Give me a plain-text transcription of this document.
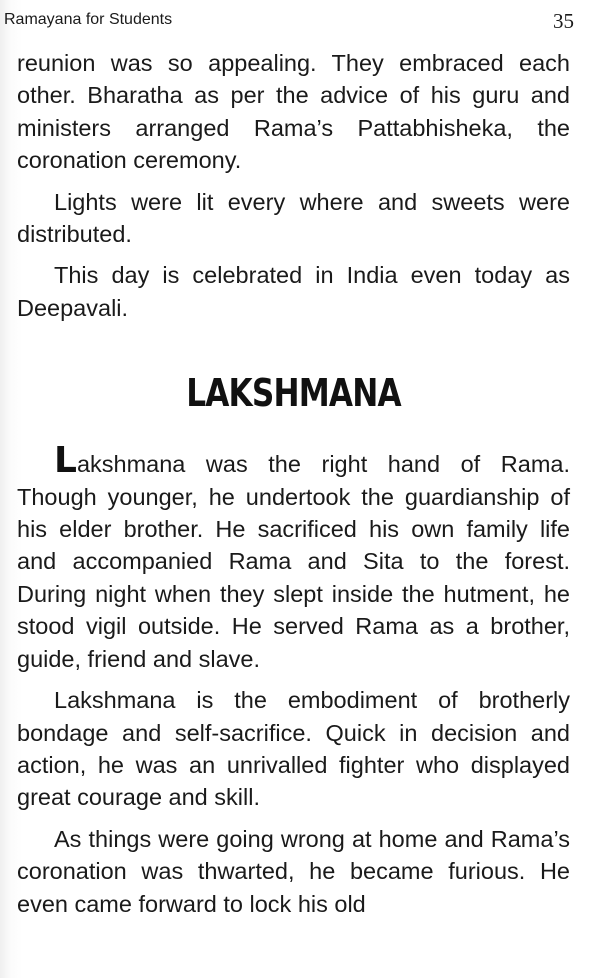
Ramayana for Students	35

reunion was so appealing. They embraced each other. Bharatha as per the advice of his guru and ministers arranged Rama’s Pattabhisheka, the coronation ceremony.

Lights were lit every where and sweets were distributed.

This day is celebrated in India even today as Deepavali.

LAKSHMANA

Lakshmana was the right hand of Rama. Though younger, he undertook the guardianship of his elder brother. He sacrificed his own family life and accompanied Rama and Sita to the forest. During night when they slept inside the hutment, he stood vigil outside. He served Rama as a brother, guide, friend and slave.

Lakshmana is the embodiment of brotherly bondage and self-sacrifice. Quick in decision and action, he was an unrivalled fighter who displayed great courage and skill.

As things were going wrong at home and Rama’s coronation was thwarted, he became furious. He even came forward to lock his old
